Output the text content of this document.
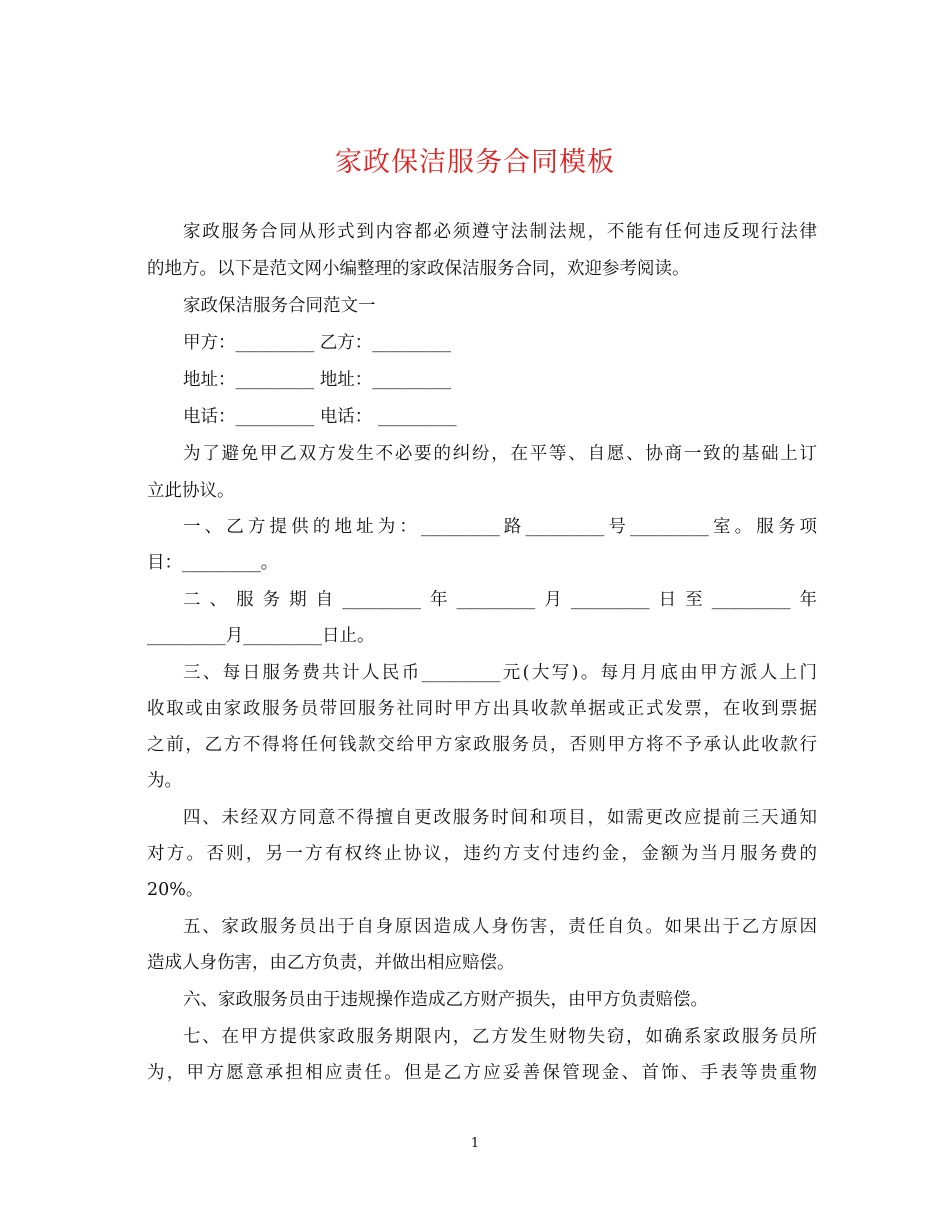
家政保洁服务合同模板
家政服务合同从形式到内容都必须遵守法制法规，不能有任何违反现行法律
的地方。以下是范文网小编整理的家政保洁服务合同，欢迎参考阅读。
家政保洁服务合同范文一
甲方：_________ 乙方：_________
地址：_________ 地址：_________
电话：_________ 电话： _________
为了避免甲乙双方发生不必要的纠纷，在平等、自愿、协商一致的基础上订
立此协议。
一、乙方提供的地址为：_________路_________号_________室。服务项
目：_________。
二、服务期自_________年_________月_________日至_________年
_________月_________日止。
三、每日服务费共计人民币_________元(大写)。每月月底由甲方派人上门
收取或由家政服务员带回服务社同时甲方出具收款单据或正式发票，在收到票据
之前，乙方不得将任何钱款交给甲方家政服务员，否则甲方将不予承认此收款行
为。
四、未经双方同意不得擅自更改服务时间和项目，如需更改应提前三天通知
对方。否则，另一方有权终止协议，违约方支付违约金，金额为当月服务费的
20%。
五、家政服务员出于自身原因造成人身伤害，责任自负。如果出于乙方原因
造成人身伤害，由乙方负责，并做出相应赔偿。
六、家政服务员由于违规操作造成乙方财产损失，由甲方负责赔偿。
七、在甲方提供家政服务期限内，乙方发生财物失窃，如确系家政服务员所
为，甲方愿意承担相应责任。但是乙方应妥善保管现金、首饰、手表等贵重物
1
